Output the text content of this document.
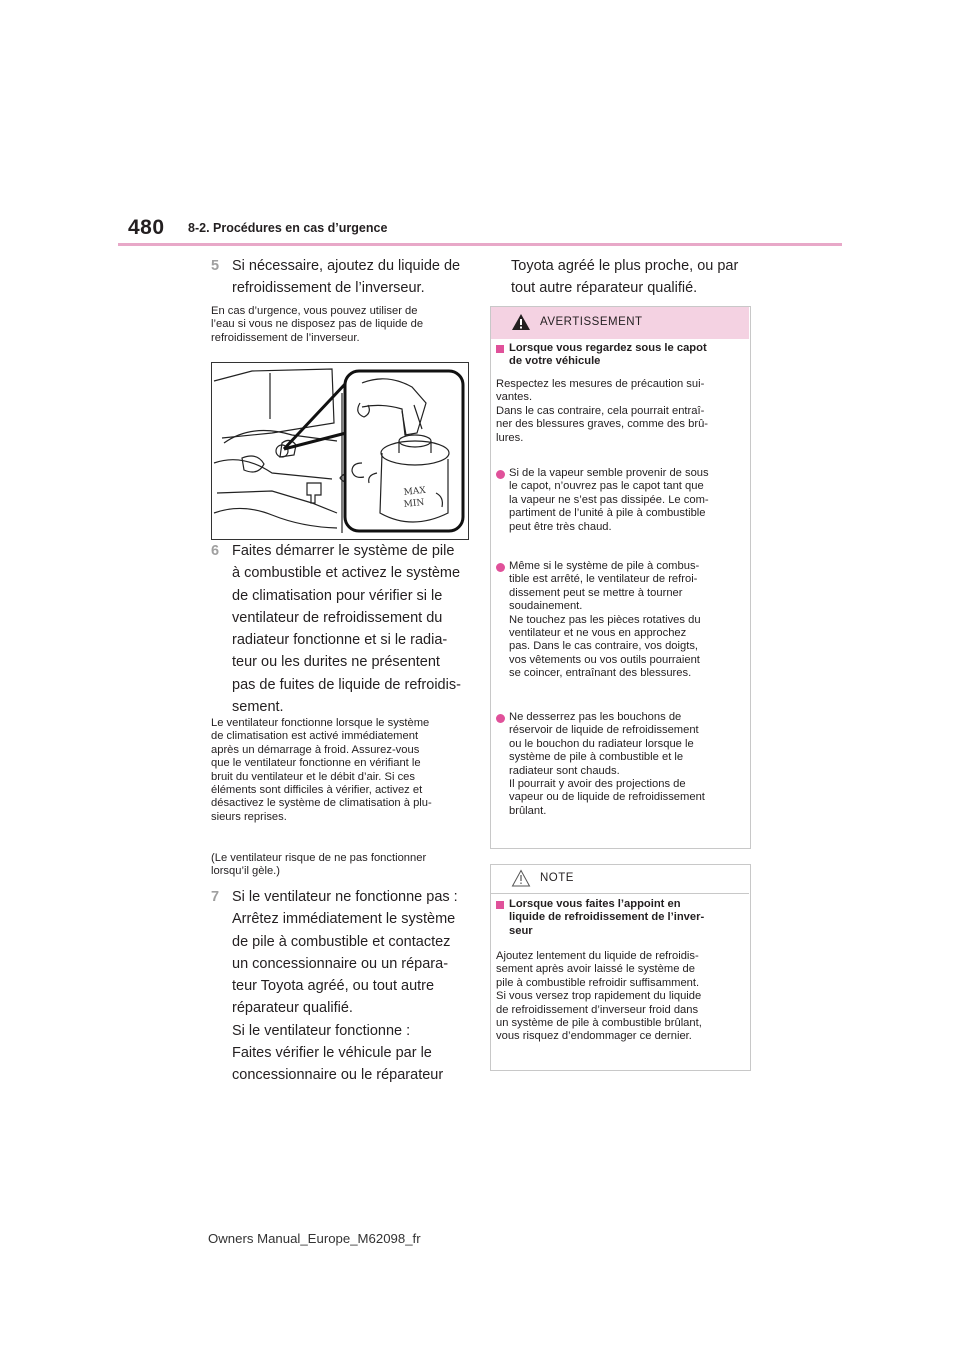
480 8-2. Procédures en cas d’urgence
5 Si nécessaire, ajoutez du liquide de
refroidissement de l’inverseur.
En cas d’urgence, vous pouvez utiliser de
l’eau si vous ne disposez pas de liquide de
refroidissement de l’inverseur.
MAX
MIN
6 Faites démarrer le système de pile
à combustible et activez le système
de climatisation pour vérifier si le
ventilateur de refroidissement du
radiateur fonctionne et si le radia-
teur ou les durites ne présentent
pas de fuites de liquide de refroidis-
sement.
Le ventilateur fonctionne lorsque le système
de climatisation est activé immédiatement
après un démarrage à froid. Assurez-vous
que le ventilateur fonctionne en vérifiant le
bruit du ventilateur et le débit d’air. Si ces
éléments sont difficiles à vérifier, activez et
désactivez le système de climatisation à plu-
sieurs reprises.
(Le ventilateur risque de ne pas fonctionner
lorsqu’il gèle.)
7 Si le ventilateur ne fonctionne pas :
Arrêtez immédiatement le système
de pile à combustible et contactez
un concessionnaire ou un répara-
teur Toyota agréé, ou tout autre
réparateur qualifié.
Si le ventilateur fonctionne :
Faites vérifier le véhicule par le
concessionnaire ou le réparateur
Toyota agréé le plus proche, ou par
tout autre réparateur qualifié.
AVERTISSEMENT
Lorsque vous regardez sous le capot
de votre véhicule
Respectez les mesures de précaution sui-
vantes.
Dans le cas contraire, cela pourrait entraî-
ner des blessures graves, comme des brû-
lures.
Si de la vapeur semble provenir de sous
le capot, n’ouvrez pas le capot tant que
la vapeur ne s’est pas dissipée. Le com-
partiment de l’unité à pile à combustible
peut être très chaud.
Même si le système de pile à combus-
tible est arrêté, le ventilateur de refroi-
dissement peut se mettre à tourner
soudainement.
Ne touchez pas les pièces rotatives du
ventilateur et ne vous en approchez
pas. Dans le cas contraire, vos doigts,
vos vêtements ou vos outils pourraient
se coincer, entraînant des blessures.
Ne desserrez pas les bouchons de
réservoir de liquide de refroidissement
ou le bouchon du radiateur lorsque le
système de pile à combustible et le
radiateur sont chauds.
Il pourrait y avoir des projections de
vapeur ou de liquide de refroidissement
brûlant.
NOTE
Lorsque vous faites l’appoint en
liquide de refroidissement de l’inver-
seur
Ajoutez lentement du liquide de refroidis-
sement après avoir laissé le système de
pile à combustible refroidir suffisamment.
Si vous versez trop rapidement du liquide
de refroidissement d’inverseur froid dans
un système de pile à combustible brûlant,
vous risquez d’endommager ce dernier.
Owners Manual_Europe_M62098_fr
